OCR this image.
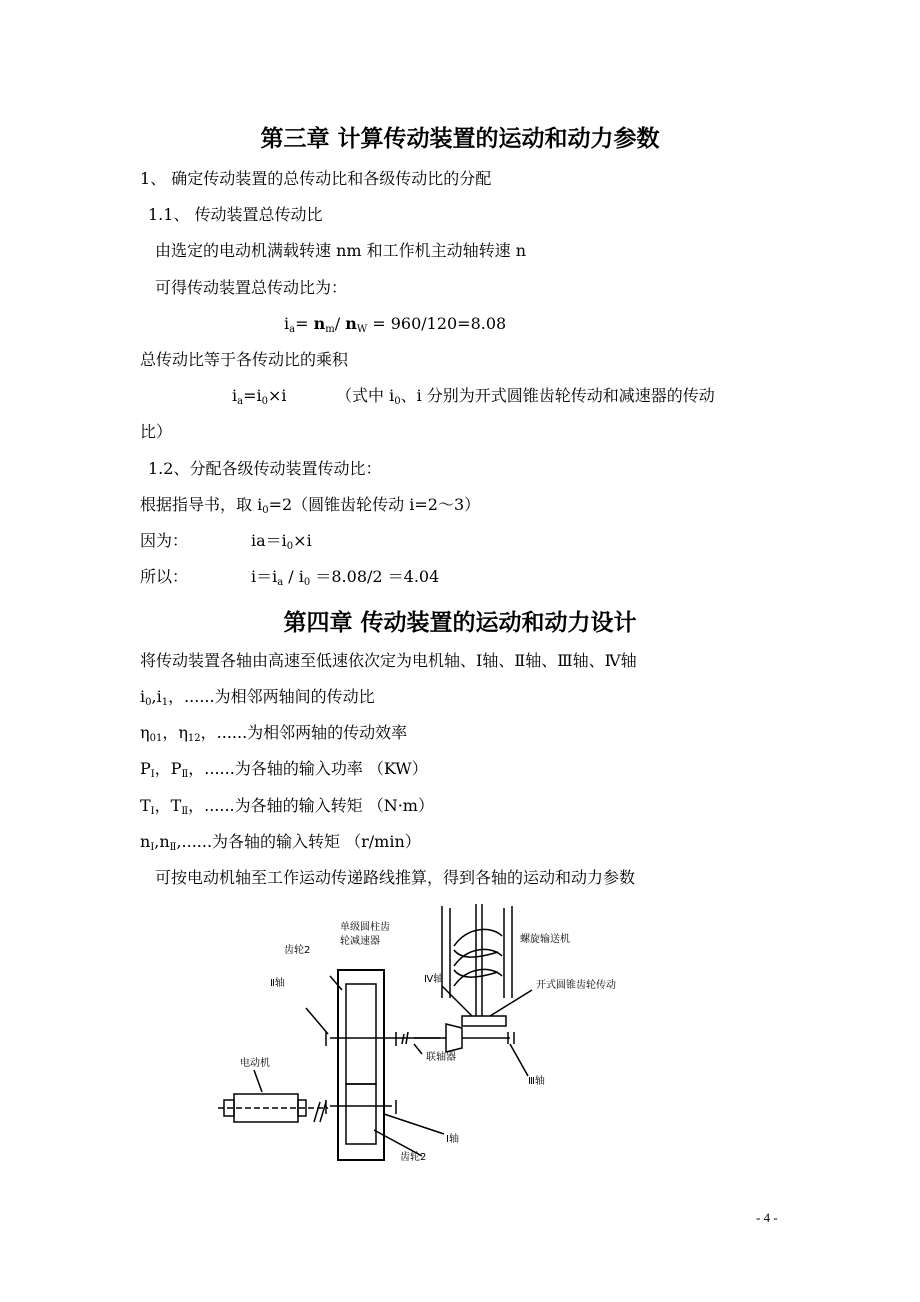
第三章 计算传动装置的运动和动力参数
1、 确定传动装置的总传动比和各级传动比的分配
1.1、 传动装置总传动比
由选定的电动机满载转速 nm 和工作机主动轴转速 n
可得传动装置总传动比为：
$i_a= n_m/$ $n_W = 960/120=8.08$
总传动比等于各传动比的乘积
$i_a=i_0\times i$	（式中 $i_0$、i 分别为开式圆锥齿轮传动和减速器的传动
比）
1.2、分配各级传动装置传动比：
根据指导书，取 $i_0=2$（圆锥齿轮传动 i=2～3）
因为：	$ia=i_0\times i$
所以：	$i=i_a / i_0 =8.08/2 =4.04$
第四章 传动装置的运动和动力设计
将传动装置各轴由高速至低速依次定为电机轴、Ⅰ轴、Ⅱ轴、Ⅲ轴、Ⅳ轴
$i_0,i_1$，......为相邻两轴间的传动比
$\eta_{01}$，$\eta_{12}$，......为相邻两轴的传动效率
$P_Ⅰ$，$P_Ⅱ$，......为各轴的输入功率 （KW）
$T_Ⅰ$，$T_Ⅱ$，......为各轴的输入转矩 （N·m）
$n_Ⅰ,n_Ⅱ$,......为各轴的输入转矩 （r/min）
可按电动机轴至工作运动传递路线推算，得到各轴的运动和动力参数
电动机
Ⅱ轴
齿轮2
单级圆柱齿
轮减速器
联轴器
螺旋输送机
Ⅳ轴
开式圆锥齿轮传动
Ⅲ轴
Ⅰ轴
齿轮2
- 4 -
